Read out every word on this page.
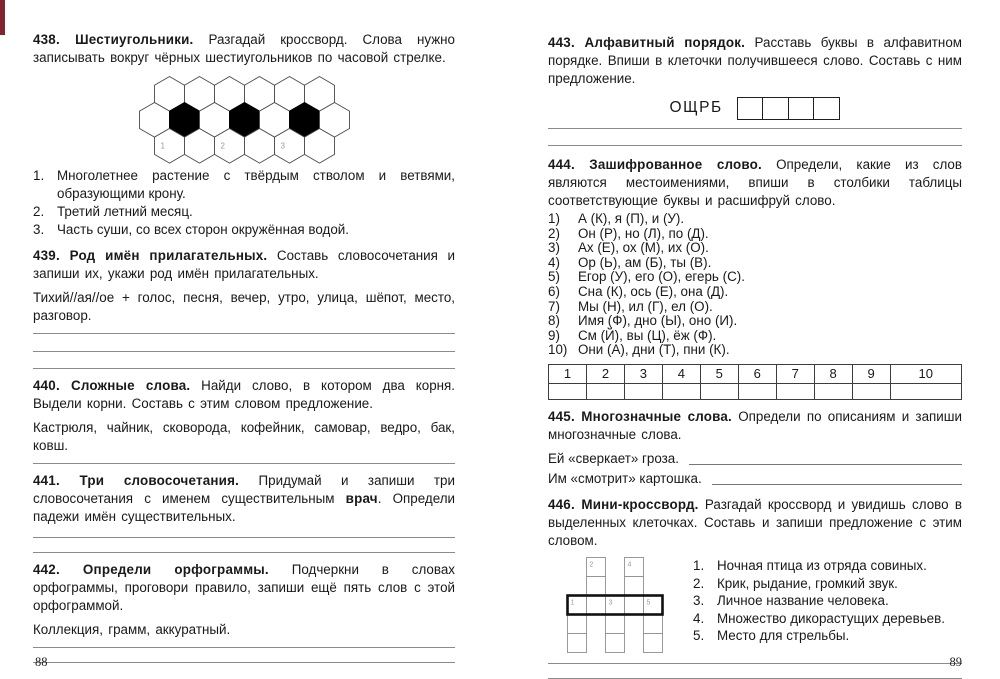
438. Шестиугольники. Разгадай кроссворд. Слова нужно записывать вокруг чёрных шестиугольников по часовой стрелке.

1	2	3
1. Многолетнее растение с твёрдым стволом и ветвями, образующими крону.
2. Третий летний месяц.
3. Часть суши, со всех сторон окружённая водой.

439. Род имён прилагательных. Составь словосочетания и запиши их, укажи род имён прилагательных.

Тихий//ая//ое + голос, песня, вечер, утро, улица, шёпот, место, разговор.

440. Сложные слова. Найди слово, в котором два корня. Выдели корни. Составь с этим словом предложение.

Кастрюля, чайник, сковорода, кофейник, самовар, ведро, бак, ковш.

441. Три словосочетания. Придумай и запиши три словосочетания с именем существительным врач. Определи падежи имён существительных.

442. Определи орфограммы. Подчеркни в словах орфограммы, проговори правило, запиши ещё пять слов с этой орфограммой.

Коллекция, грамм, аккуратный.

88

443. Алфавитный порядок. Расставь буквы в алфавитном порядке. Впиши в клеточки получившееся слово. Составь с ним предложение.

ОЩРБ

444. Зашифрованное слово. Определи, какие из слов являются местоимениями, впиши в столбики таблицы соответствующие буквы и расшифруй слово.

1)	А (К), я (П), и (У).
2)	Он (Р), но (Л), по (Д).
3)	Ах (Е), ох (М), их (О).
4)	Ор (Ь), ам (Б), ты (В).
5)	Егор (У), его (О), егерь (С).
6)	Сна (К), ось (Е), она (Д).
7)	Мы (Н), ил (Г), ел (О).
8)	Имя (Ф), дно (Ы), оно (И).
9)	См (Й), вы (Ц), ёж (Ф).
10) Они (А), дни (Т), пни (К).
1	2	3	4	5	6	7	8	9	10

445. Многозначные слова. Определи по описаниям и запиши многозначные слова.

Ей «сверкает» гроза.
Им «смотрит» картошка.

446. Мини-кроссворд. Разгадай кроссворд и увидишь слово в выделенных клеточках. Составь и запиши предложение с этим словом.

2	4
1	3	5
1. Ночная птица из отряда совиных.
2. Крик, рыдание, громкий звук.
3. Личное название человека.
4. Множество дикорастущих деревьев.
5. Место для стрельбы.
89
